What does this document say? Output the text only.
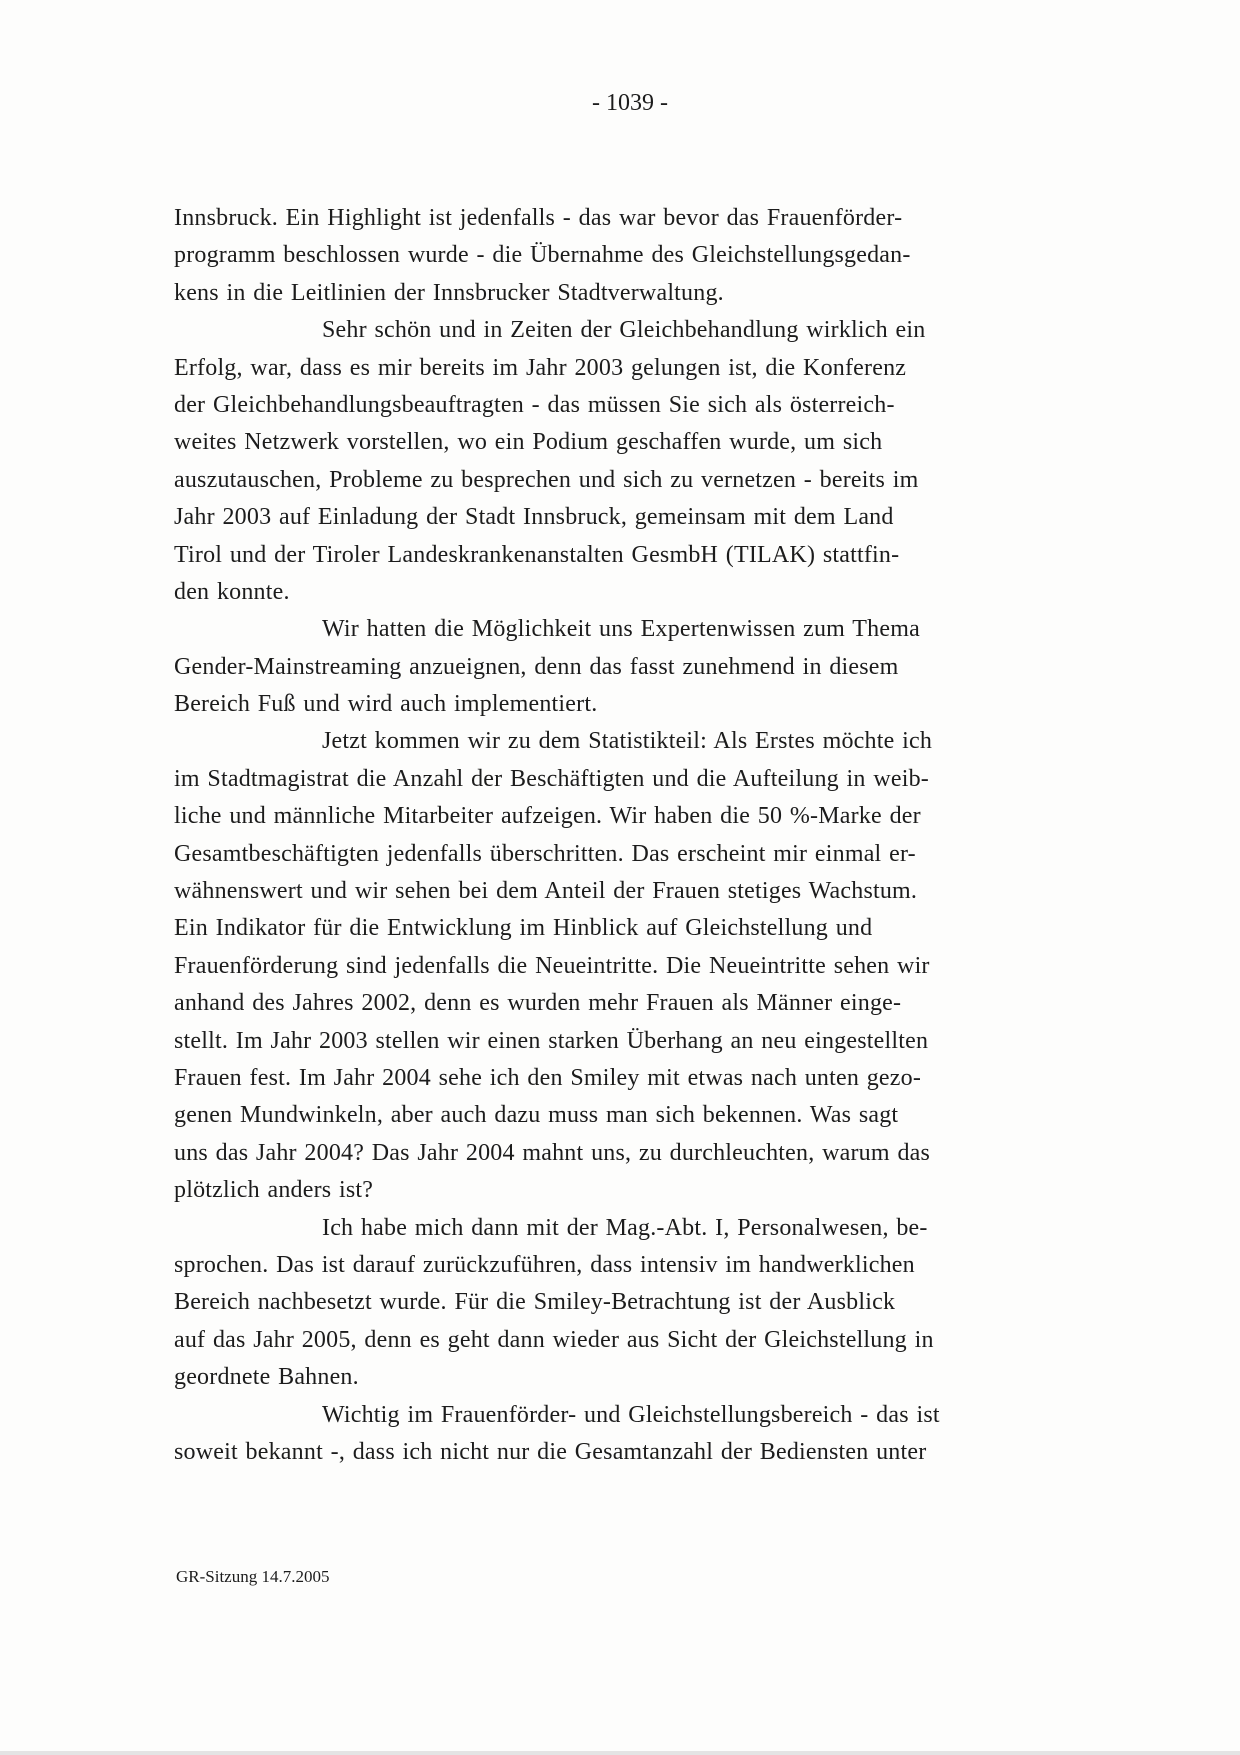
- 1039 -
Innsbruck. Ein Highlight ist jedenfalls - das war bevor das Frauenförder-
programm beschlossen wurde - die Übernahme des Gleichstellungsgedan-
kens in die Leitlinien der Innsbrucker Stadtverwaltung.
Sehr schön und in Zeiten der Gleichbehandlung wirklich ein
Erfolg, war, dass es mir bereits im Jahr 2003 gelungen ist, die Konferenz
der Gleichbehandlungsbeauftragten - das müssen Sie sich als österreich-
weites Netzwerk vorstellen, wo ein Podium geschaffen wurde, um sich
auszutauschen, Probleme zu besprechen und sich zu vernetzen - bereits im
Jahr 2003 auf Einladung der Stadt Innsbruck, gemeinsam mit dem Land
Tirol und der Tiroler Landeskrankenanstalten GesmbH (TILAK) stattfin-
den konnte.
Wir hatten die Möglichkeit uns Expertenwissen zum Thema
Gender-Mainstreaming anzueignen, denn das fasst zunehmend in diesem
Bereich Fuß und wird auch implementiert.
Jetzt kommen wir zu dem Statistikteil: Als Erstes möchte ich
im Stadtmagistrat die Anzahl der Beschäftigten und die Aufteilung in weib-
liche und männliche Mitarbeiter aufzeigen. Wir haben die 50 %-Marke der
Gesamtbeschäftigten jedenfalls überschritten. Das erscheint mir einmal er-
wähnenswert und wir sehen bei dem Anteil der Frauen stetiges Wachstum.
Ein Indikator für die Entwicklung im Hinblick auf Gleichstellung und
Frauenförderung sind jedenfalls die Neueintritte. Die Neueintritte sehen wir
anhand des Jahres 2002, denn es wurden mehr Frauen als Männer einge-
stellt. Im Jahr 2003 stellen wir einen starken Überhang an neu eingestellten
Frauen fest. Im Jahr 2004 sehe ich den Smiley mit etwas nach unten gezo-
genen Mundwinkeln, aber auch dazu muss man sich bekennen. Was sagt
uns das Jahr 2004? Das Jahr 2004 mahnt uns, zu durchleuchten, warum das
plötzlich anders ist?
Ich habe mich dann mit der Mag.-Abt. I, Personalwesen, be-
sprochen. Das ist darauf zurückzuführen, dass intensiv im handwerklichen
Bereich nachbesetzt wurde. Für die Smiley-Betrachtung ist der Ausblick
auf das Jahr 2005, denn es geht dann wieder aus Sicht der Gleichstellung in
geordnete Bahnen.
Wichtig im Frauenförder- und Gleichstellungsbereich - das ist
soweit bekannt -, dass ich nicht nur die Gesamtanzahl der Bediensten unter
GR-Sitzung 14.7.2005
